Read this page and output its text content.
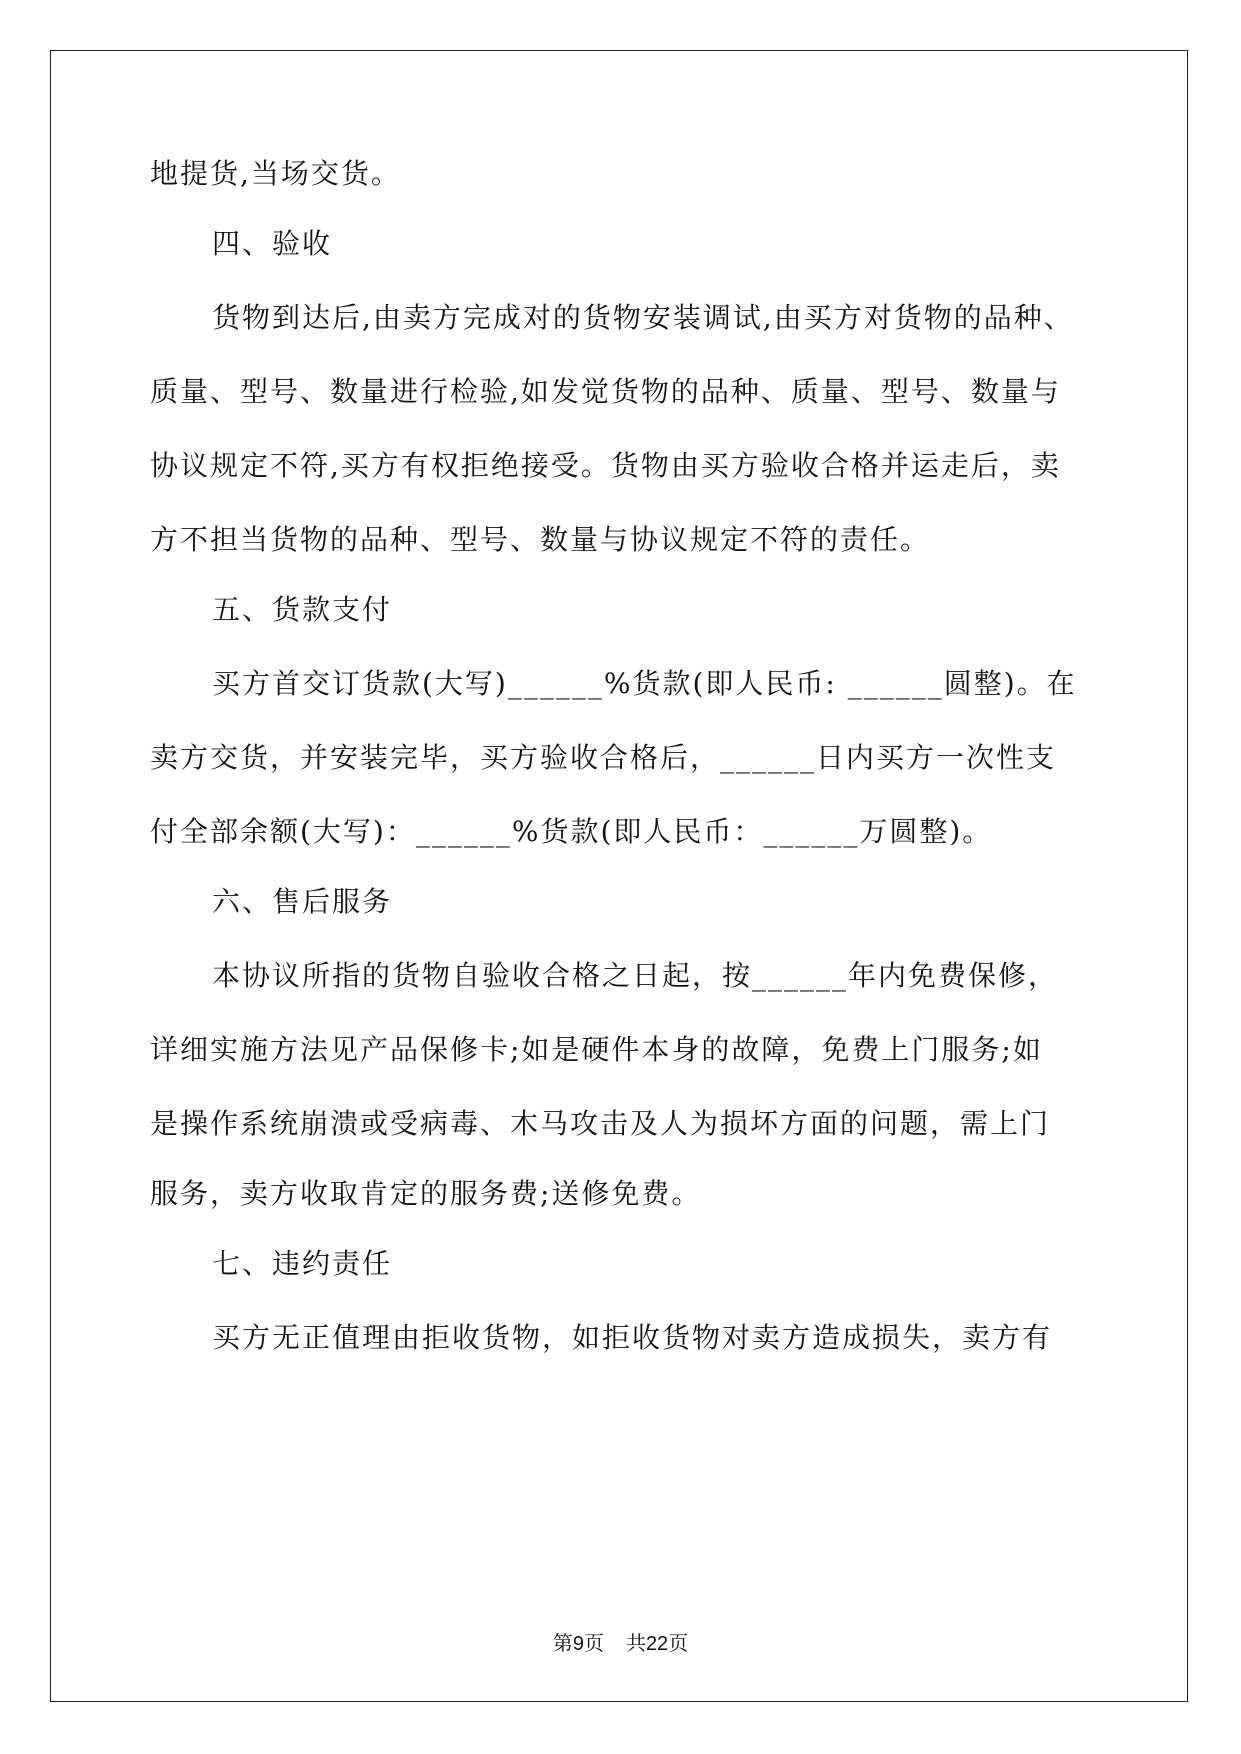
地提货,当场交货。
四、验收
货物到达后,由卖方完成对的货物安装调试,由买方对货物的品种、
质量、型号、数量进行检验,如发觉货物的品种、质量、型号、数量与
协议规定不符,买方有权拒绝接受。货物由买方验收合格并运走后，卖
方不担当货物的品种、型号、数量与协议规定不符的责任。
五、货款支付
买方首交订货款(大写)______%货款(即人民币: ______圆整)。在
卖方交货，并安装完毕，买方验收合格后，______日内买方一次性支
付全部余额(大写)：______%货款(即人民币：______万圆整)。
六、售后服务
本协议所指的货物自验收合格之日起，按______年内免费保修，
详细实施方法见产品保修卡;如是硬件本身的故障，免费上门服务;如
是操作系统崩溃或受病毒、木马攻击及人为损坏方面的问题，需上门
服务，卖方收取肯定的服务费;送修免费。
七、违约责任
买方无正值理由拒收货物，如拒收货物对卖方造成损失，卖方有
第9页 共22页
